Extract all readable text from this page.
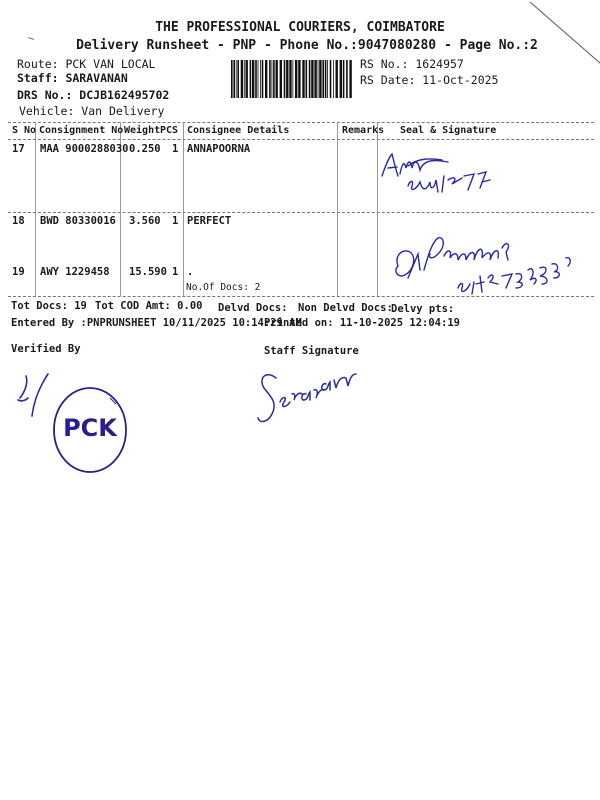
THE PROFESSIONAL COURIERS, COIMBATORE
Delivery Runsheet - PNP - Phone No.:9047080280 - Page No.:2
Route: PCK VAN LOCAL
Staff: SARAVANAN
DRS No.: DCJB162495702
Vehicle: Van Delivery
RS No.: 1624957
RS Date: 11-Oct-2025
S No Consignment No Weight PCS Consignee Details	Remarks Seal & Signature
17 MAA 9000288030 0.250 1 ANNAPOORNA
18 BWD 80330016 3.560 1 PERFECT
19 AWY 1229458 15.590 1 .
No.Of Docs: 2
Tot Docs: 19 Tot COD Amt: 0.00 Delvd Docs: Non Delvd Docs:
Delvy pts:
Entered By :PNPRUNSHEET 10/11/2025 10:14:29 AM
Printed on: 11-10-2025 12:04:19
Verified By	Staff Signature
PCK
